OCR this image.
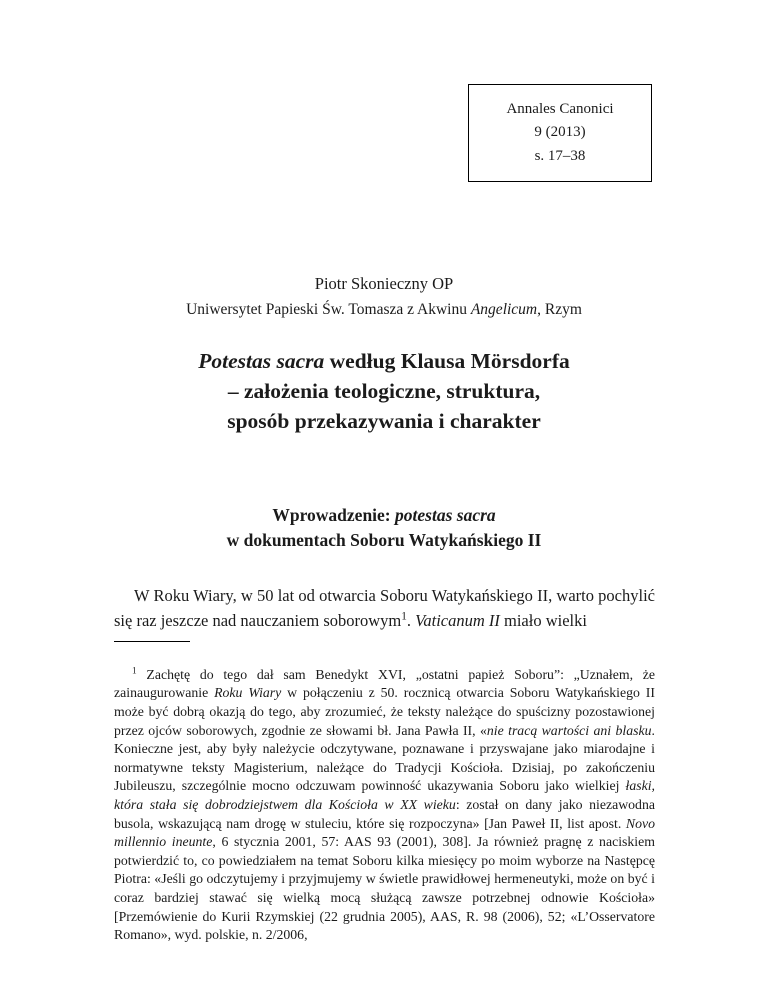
Annales Canonici
9 (2013)
s. 17–38
Piotr Skonieczny OP
Uniwersytet Papieski Św. Tomasza z Akwinu Angelicum, Rzym
Potestas sacra według Klausa Mörsdorfa
– założenia teologiczne, struktura,
sposób przekazywania i charakter
Wprowadzenie: potestas sacra
w dokumentach Soboru Watykańskiego II

W Roku Wiary, w 50 lat od otwarcia Soboru Watykańskiego II, warto pochylić się raz jeszcze nad nauczaniem soborowym$^1$. Vaticanum II miało wielki

$^1$ Zachętę do tego dał sam Benedykt XVI, „ostatni papież Soboru”: „Uznałem, że zainaugurowanie Roku Wiary w połączeniu z 50. rocznicą otwarcia Soboru Watykańskiego II może być dobrą okazją do tego, aby zrozumieć, że teksty należące do spuścizny pozostawionej przez ojców soborowych, zgodnie ze słowami bł. Jana Pawła II, «nie tracą wartości ani blasku. Konieczne jest, aby były należycie odczytywane, poznawane i przyswajane jako miarodajne i normatywne teksty Magisterium, należące do Tradycji Kościoła. Dzisiaj, po zakończeniu Jubileuszu, szczególnie mocno odczuwam powinność ukazywania Soboru jako wielkiej łaski, która stała się dobrodziejstwem dla Kościoła w XX wieku: został on dany jako niezawodna busola, wskazującą nam drogę w stuleciu, które się rozpoczyna» [Jan Paweł II, list apost. Novo millennio ineunte, 6 stycznia 2001, 57: AAS 93 (2001), 308]. Ja również pragnę z naciskiem potwierdzić to, co powiedziałem na temat Soboru kilka miesięcy po moim wyborze na Następcę Piotra: «Jeśli go odczytujemy i przyjmujemy w świetle prawidłowej hermeneutyki, może on być i coraz bardziej stawać się wielką mocą służącą zawsze potrzebnej odnowie Kościoła» [Przemówienie do Kurii Rzymskiej (22 grudnia 2005), AAS, R. 98 (2006), 52; «L’Osservatore Romano», wyd. polskie, n. 2/2006,
